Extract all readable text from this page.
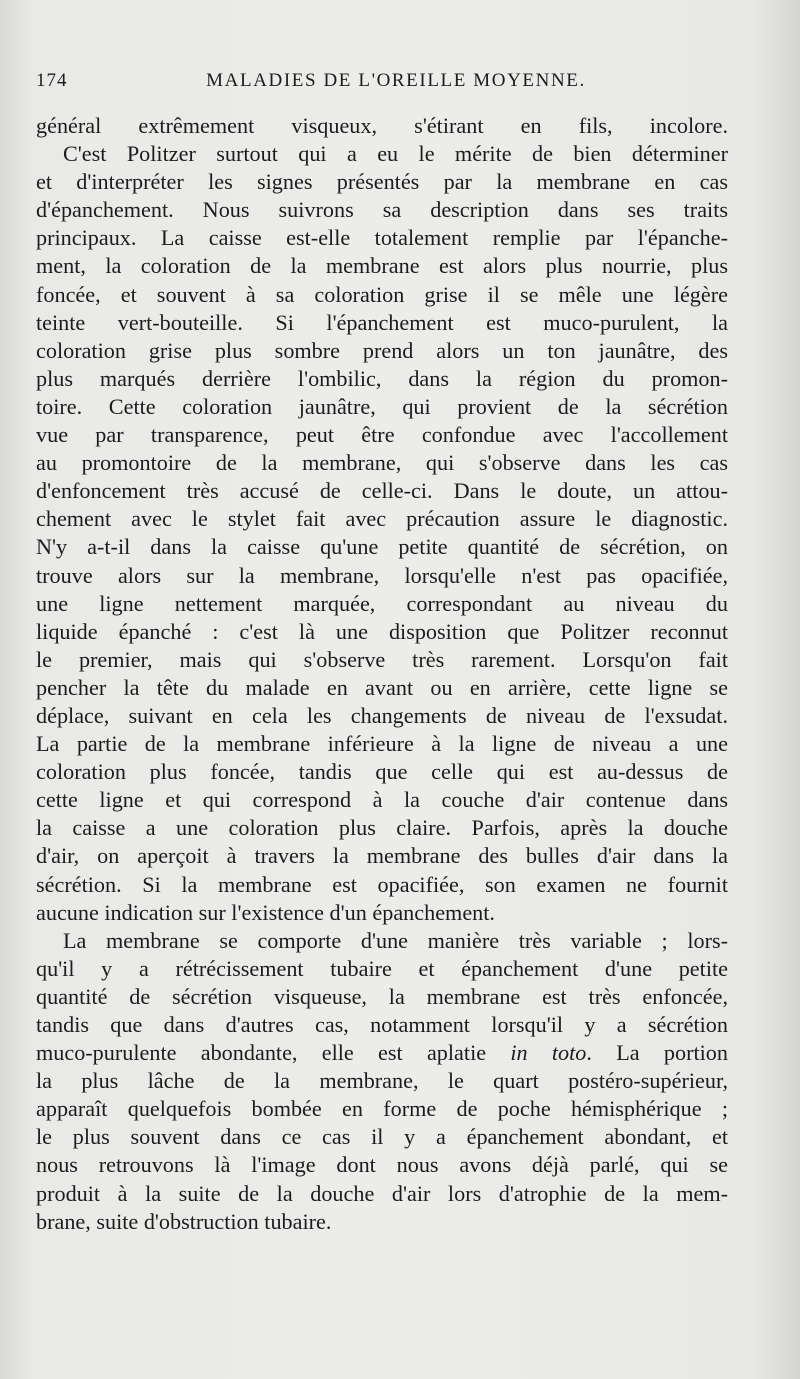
174	MALADIES DE L'OREILLE MOYENNE.
général extrêmement visqueux, s'étirant en fils, incolore.
C'est Politzer surtout qui a eu le mérite de bien déterminer
et d'interpréter les signes présentés par la membrane en cas
d'épanchement. Nous suivrons sa description dans ses traits
principaux. La caisse est-elle totalement remplie par l'épanche-
ment, la coloration de la membrane est alors plus nourrie, plus
foncée, et souvent à sa coloration grise il se mêle une légère
teinte vert-bouteille. Si l'épanchement est muco-purulent, la
coloration grise plus sombre prend alors un ton jaunâtre, des
plus marqués derrière l'ombilic, dans la région du promon-
toire. Cette coloration jaunâtre, qui provient de la sécrétion
vue par transparence, peut être confondue avec l'accollement
au promontoire de la membrane, qui s'observe dans les cas
d'enfoncement très accusé de celle-ci. Dans le doute, un attou-
chement avec le stylet fait avec précaution assure le diagnostic.
N'y a-t-il dans la caisse qu'une petite quantité de sécrétion, on
trouve alors sur la membrane, lorsqu'elle n'est pas opacifiée,
une ligne nettement marquée, correspondant au niveau du
liquide épanché : c'est là une disposition que Politzer reconnut
le premier, mais qui s'observe très rarement. Lorsqu'on fait
pencher la tête du malade en avant ou en arrière, cette ligne se
déplace, suivant en cela les changements de niveau de l'exsudat.
La partie de la membrane inférieure à la ligne de niveau a une
coloration plus foncée, tandis que celle qui est au-dessus de
cette ligne et qui correspond à la couche d'air contenue dans
la caisse a une coloration plus claire. Parfois, après la douche
d'air, on aperçoit à travers la membrane des bulles d'air dans la
sécrétion. Si la membrane est opacifiée, son examen ne fournit
aucune indication sur l'existence d'un épanchement.
La membrane se comporte d'une manière très variable ; lors-
qu'il y a rétrécissement tubaire et épanchement d'une petite
quantité de sécrétion visqueuse, la membrane est très enfoncée,
tandis que dans d'autres cas, notamment lorsqu'il y a sécrétion
muco-purulente abondante, elle est aplatie in toto. La portion
la plus lâche de la membrane, le quart postéro-supérieur,
apparaît quelquefois bombée en forme de poche hémisphérique ;
le plus souvent dans ce cas il y a épanchement abondant, et
nous retrouvons là l'image dont nous avons déjà parlé, qui se
produit à la suite de la douche d'air lors d'atrophie de la mem-
brane, suite d'obstruction tubaire.
